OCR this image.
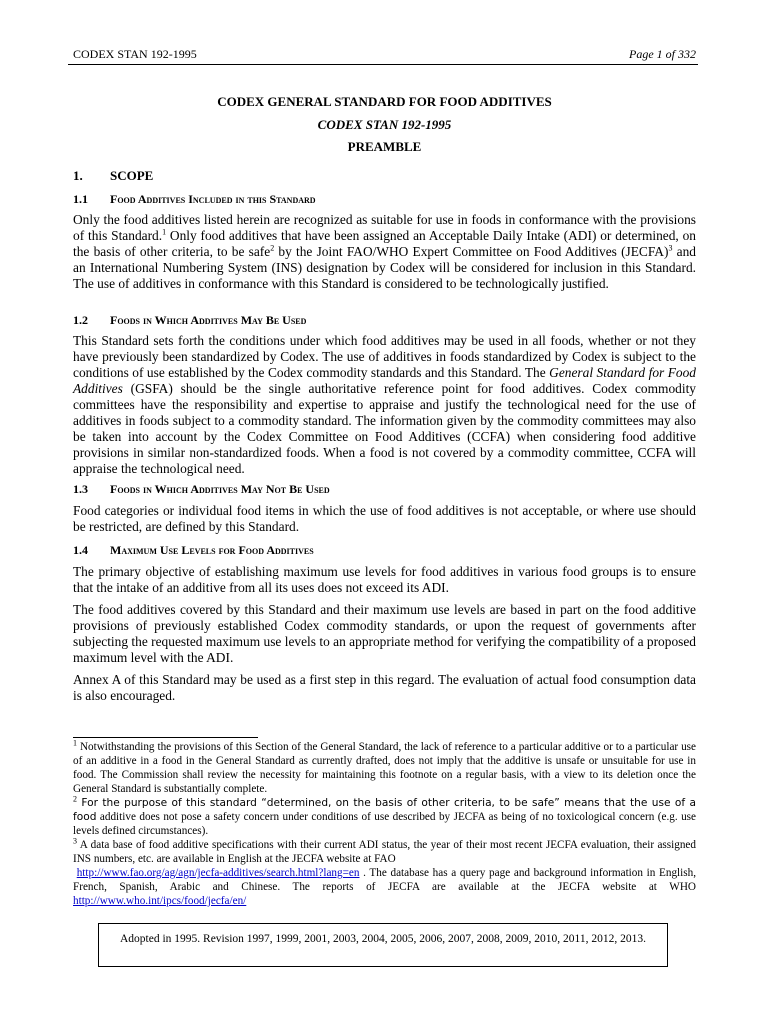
CODEX STAN 192-1995	Page 1 of 332
CODEX GENERAL STANDARD FOR FOOD ADDITIVES
CODEX STAN 192-1995
PREAMBLE
1. SCOPE
1.1 Food Additives Included in this Standard

Only the food additives listed herein are recognized as suitable for use in foods in conformance with the provisions of this Standard.$^1$ Only food additives that have been assigned an Acceptable Daily Intake (ADI) or determined, on the basis of other criteria, to be safe$^2$ by the Joint FAO/WHO Expert Committee on Food Additives (JECFA)$^3$ and an International Numbering System (INS) designation by Codex will be considered for inclusion in this Standard. The use of additives in conformance with this Standard is considered to be technologically justified.

1.2 Foods in Which Additives May Be Used

This Standard sets forth the conditions under which food additives may be used in all foods, whether or not they have previously been standardized by Codex. The use of additives in foods standardized by Codex is subject to the conditions of use established by the Codex commodity standards and this Standard. The General Standard for Food Additives (GSFA) should be the single authoritative reference point for food additives. Codex commodity committees have the responsibility and expertise to appraise and justify the technological need for the use of additives in foods subject to a commodity standard. The information given by the commodity committees may also be taken into account by the Codex Committee on Food Additives (CCFA) when considering food additive provisions in similar non-standardized foods. When a food is not covered by a commodity committee, CCFA will appraise the technological need.

1.3 Foods in Which Additives May Not Be Used

Food categories or individual food items in which the use of food additives is not acceptable, or where use should be restricted, are defined by this Standard.

1.4 Maximum Use Levels for Food Additives

The primary objective of establishing maximum use levels for food additives in various food groups is to ensure that the intake of an additive from all its uses does not exceed its ADI.

The food additives covered by this Standard and their maximum use levels are based in part on the food additive provisions of previously established Codex commodity standards, or upon the request of governments after subjecting the requested maximum use levels to an appropriate method for verifying the compatibility of a proposed maximum level with the ADI.

Annex A of this Standard may be used as a first step in this regard. The evaluation of actual food consumption data is also encouraged.

$^1$ Notwithstanding the provisions of this Section of the General Standard, the lack of reference to a particular additive or to a particular use of an additive in a food in the General Standard as currently drafted, does not imply that the additive is unsafe or unsuitable for use in food. The Commission shall review the necessity for maintaining this footnote on a regular basis, with a view to its deletion once the General Standard is substantially complete.

$^2$ For the purpose of this standard “determined, on the basis of other criteria, to be safe” means that the use of a food additive does not pose a safety concern under conditions of use described by JECFA as being of no toxicological concern (e.g. use levels defined circumstances).

$^3$ A data base of food additive specifications with their current ADI status, the year of their most recent JECFA evaluation, their assigned INS numbers, etc. are available in English at the JECFA website at FAO
http://www.fao.org/ag/agn/jecfa-additives/search.html?lang=en . The database has a query page and background information in English, French, Spanish, Arabic and Chinese. The reports of JECFA are available at the JECFA website at WHO http://www.who.int/ipcs/food/jecfa/en/

Adopted in 1995. Revision 1997, 1999, 2001, 2003, 2004, 2005, 2006, 2007, 2008, 2009, 2010, 2011, 2012, 2013.
